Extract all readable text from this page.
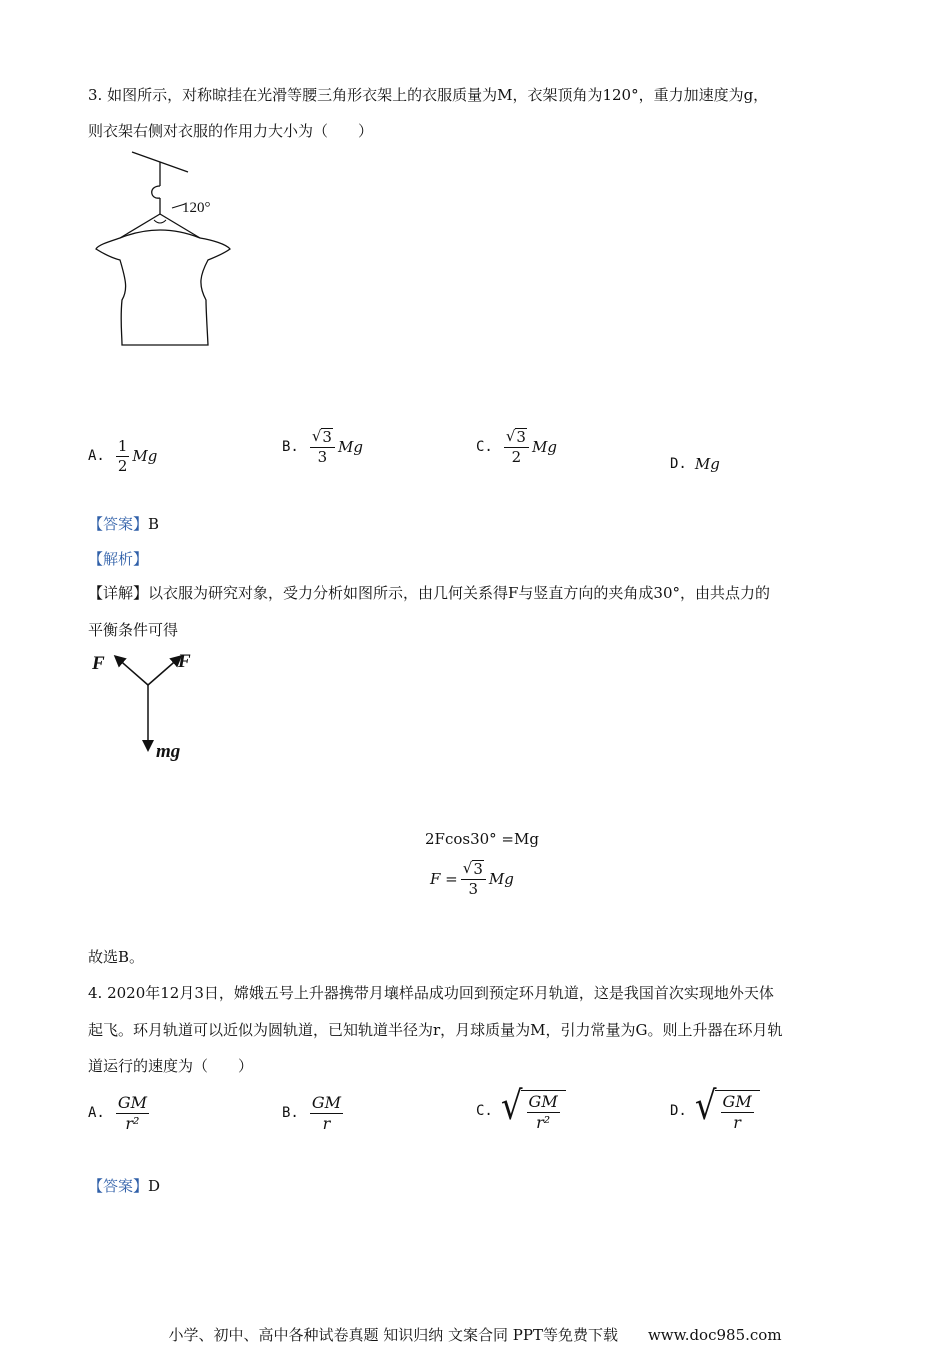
3. 如图所示，对称晾挂在光滑等腰三角形衣架上的衣服质量为M，衣架顶角为120°，重力加速度为g，
则衣架右侧对衣服的作用力大小为（　　）
120°
A. $\frac{1}{2}$ Mg
B. $\frac{√ 3}{3}$ Mg	C. $\frac{√ 3}{2}$ Mg
D. Mg
【答案】B
【解析】
【详解】以衣服为研究对象，受力分析如图所示，由几何关系得F与竖直方向的夹角成30°，由共点力的
平衡条件可得
F	F
mg
2Fcos30° =Mg
$F = \frac{√ 3}{3}$ Mg
故选B。
4. 2020年12月3日，嫦娥五号上升器携带月壤样品成功回到预定环月轨道，这是我国首次实现地外天体
起飞。环月轨道可以近似为圆轨道，已知轨道半径为r，月球质量为M，引力常量为G。则上升器在环月轨
道运行的速度为（　　）
A. $\frac{GM}{\text{r²}}$	B. $\frac{GM}{r}$	C. √ $\frac{GM}{\text{r²}}$	D. √ $\frac{GM}{r}$
【答案】D
小学、初中、高中各种试卷真题 知识归纳 文案合同 PPT等免费下载　　www.doc985.com
